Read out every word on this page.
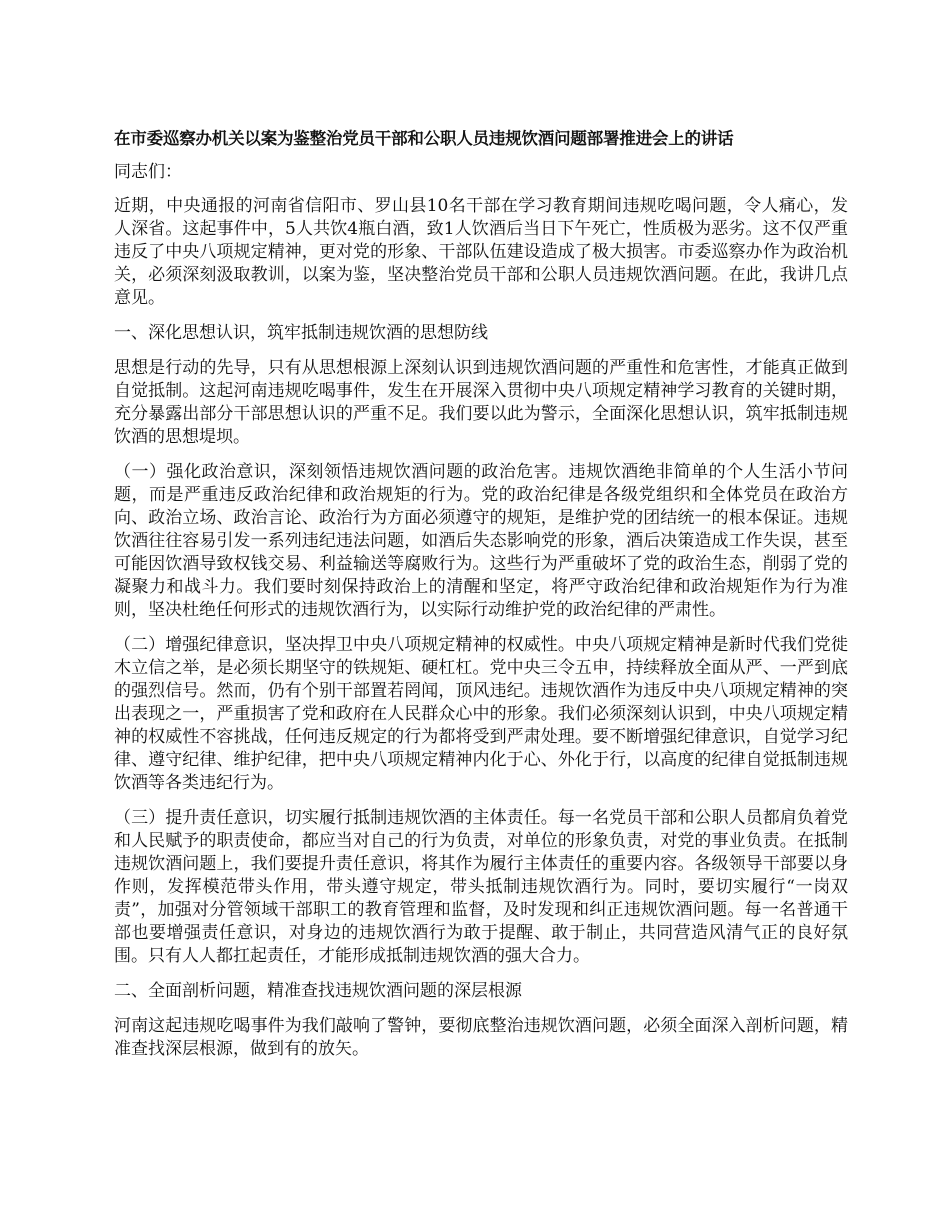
在市委巡察办机关以案为鉴整治党员干部和公职人员违规饮酒问题部署推进会上的讲话
同志们：
近期，中央通报的河南省信阳市、罗山县10名干部在学习教育期间违规吃喝问题，令人痛心，发人深省。这起事件中，5人共饮4瓶白酒，致1人饮酒后当日下午死亡，性质极为恶劣。这不仅严重违反了中央八项规定精神，更对党的形象、干部队伍建设造成了极大损害。市委巡察办作为政治机关，必须深刻汲取教训，以案为鉴，坚决整治党员干部和公职人员违规饮酒问题。在此，我讲几点意见。
一、深化思想认识，筑牢抵制违规饮酒的思想防线
思想是行动的先导，只有从思想根源上深刻认识到违规饮酒问题的严重性和危害性，才能真正做到自觉抵制。这起河南违规吃喝事件，发生在开展深入贯彻中央八项规定精神学习教育的关键时期，充分暴露出部分干部思想认识的严重不足。我们要以此为警示，全面深化思想认识，筑牢抵制违规饮酒的思想堤坝。
（一）强化政治意识，深刻领悟违规饮酒问题的政治危害。违规饮酒绝非简单的个人生活小节问题，而是严重违反政治纪律和政治规矩的行为。党的政治纪律是各级党组织和全体党员在政治方向、政治立场、政治言论、政治行为方面必须遵守的规矩，是维护党的团结统一的根本保证。违规饮酒往往容易引发一系列违纪违法问题，如酒后失态影响党的形象，酒后决策造成工作失误，甚至可能因饮酒导致权钱交易、利益输送等腐败行为。这些行为严重破坏了党的政治生态，削弱了党的凝聚力和战斗力。我们要时刻保持政治上的清醒和坚定，将严守政治纪律和政治规矩作为行为准则，坚决杜绝任何形式的违规饮酒行为，以实际行动维护党的政治纪律的严肃性。
（二）增强纪律意识，坚决捍卫中央八项规定精神的权威性。中央八项规定精神是新时代我们党徙木立信之举，是必须长期坚守的铁规矩、硬杠杠。党中央三令五申，持续释放全面从严、一严到底的强烈信号。然而，仍有个别干部置若罔闻，顶风违纪。违规饮酒作为违反中央八项规定精神的突出表现之一，严重损害了党和政府在人民群众心中的形象。我们必须深刻认识到，中央八项规定精神的权威性不容挑战，任何违反规定的行为都将受到严肃处理。要不断增强纪律意识，自觉学习纪律、遵守纪律、维护纪律，把中央八项规定精神内化于心、外化于行，以高度的纪律自觉抵制违规饮酒等各类违纪行为。
（三）提升责任意识，切实履行抵制违规饮酒的主体责任。每一名党员干部和公职人员都肩负着党和人民赋予的职责使命，都应当对自己的行为负责，对单位的形象负责，对党的事业负责。在抵制违规饮酒问题上，我们要提升责任意识，将其作为履行主体责任的重要内容。各级领导干部要以身作则，发挥模范带头作用，带头遵守规定，带头抵制违规饮酒行为。同时，要切实履行“一岗双责”，加强对分管领域干部职工的教育管理和监督，及时发现和纠正违规饮酒问题。每一名普通干部也要增强责任意识，对身边的违规饮酒行为敢于提醒、敢于制止，共同营造风清气正的良好氛围。只有人人都扛起责任，才能形成抵制违规饮酒的强大合力。
二、全面剖析问题，精准查找违规饮酒问题的深层根源
河南这起违规吃喝事件为我们敲响了警钟，要彻底整治违规饮酒问题，必须全面深入剖析问题，精准查找深层根源，做到有的放矢。
